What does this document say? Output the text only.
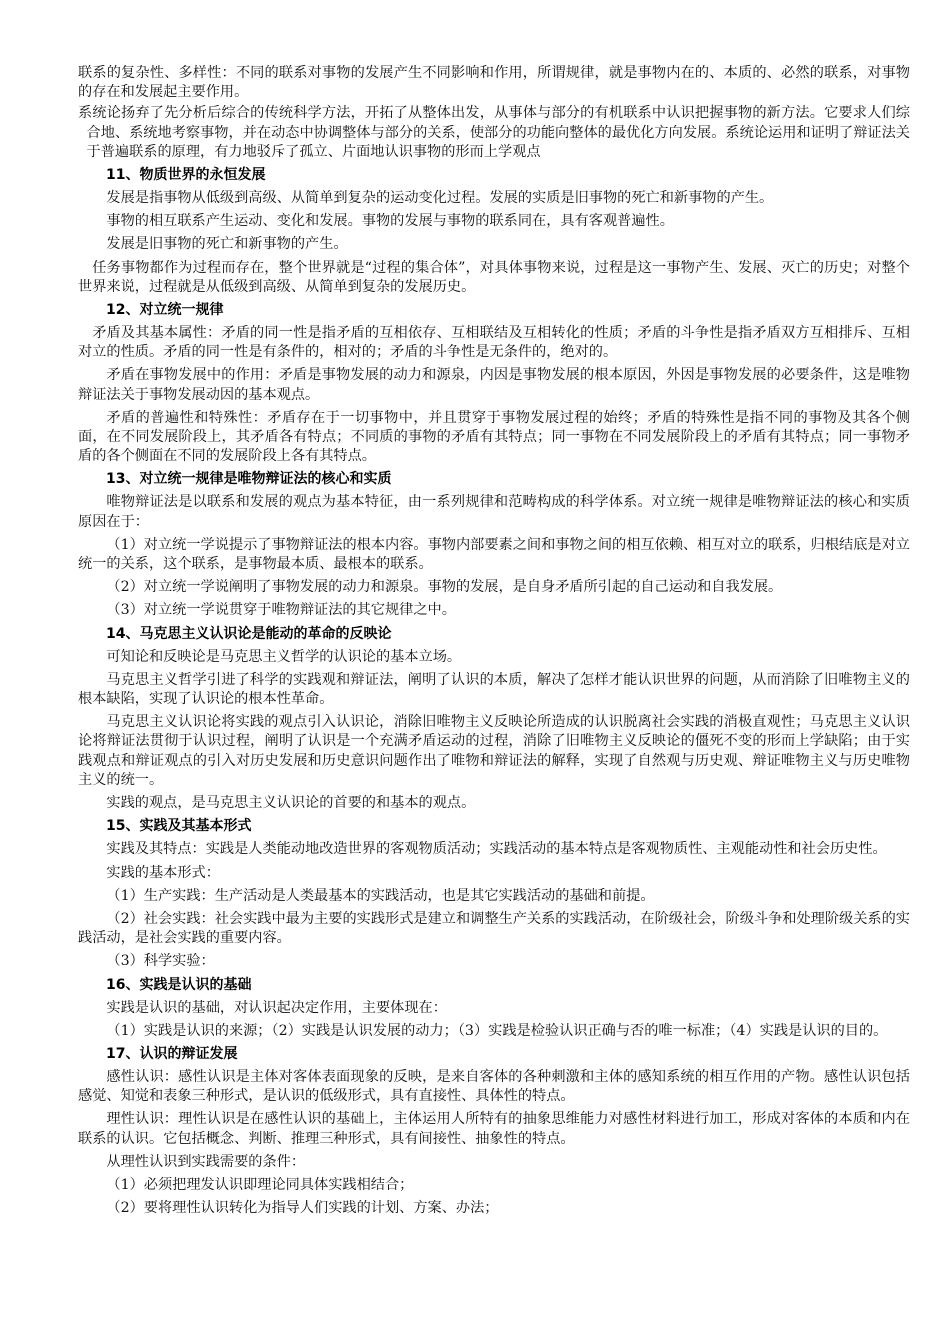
联系的复杂性、多样性：不同的联系对事物的发展产生不同影响和作用，所谓规律，就是事物内在的、本质的、必然的联系，对事物的存在和发展起主要作用。

系统论扬弃了先分析后综合的传统科学方法，开拓了从整体出发，从事体与部分的有机联系中认识把握事物的新方法。它要求人们综合地、系统地考察事物，并在动态中协调整体与部分的关系，使部分的功能向整体的最优化方向发展。系统论运用和证明了辩证法关于普遍联系的原理，有力地驳斥了孤立、片面地认识事物的形而上学观点

11、物质世界的永恒发展

发展是指事物从低级到高级、从简单到复杂的运动变化过程。发展的实质是旧事物的死亡和新事物的产生。

事物的相互联系产生运动、变化和发展。事物的发展与事物的联系同在，具有客观普遍性。

发展是旧事物的死亡和新事物的产生。

任务事物都作为过程而存在，整个世界就是“过程的集合体”，对具体事物来说，过程是这一事物产生、发展、灭亡的历史；对整个世界来说，过程就是从低级到高级、从简单到复杂的发展历史。

12、对立统一规律

矛盾及其基本属性：矛盾的同一性是指矛盾的互相依存、互相联结及互相转化的性质；矛盾的斗争性是指矛盾双方互相排斥、互相对立的性质。矛盾的同一性是有条件的，相对的；矛盾的斗争性是无条件的，绝对的。

矛盾在事物发展中的作用：矛盾是事物发展的动力和源泉，内因是事物发展的根本原因，外因是事物发展的必要条件，这是唯物辩证法关于事物发展动因的基本观点。

矛盾的普遍性和特殊性：矛盾存在于一切事物中，并且贯穿于事物发展过程的始终；矛盾的特殊性是指不同的事物及其各个侧面，在不同发展阶段上，其矛盾各有特点；不同质的事物的矛盾有其特点；同一事物在不同发展阶段上的矛盾有其特点；同一事物矛盾的各个侧面在不同的发展阶段上各有其特点。

13、对立统一规律是唯物辩证法的核心和实质

唯物辩证法是以联系和发展的观点为基本特征，由一系列规律和范畴构成的科学体系。对立统一规律是唯物辩证法的核心和实质原因在于：

（1）对立统一学说提示了事物辩证法的根本内容。事物内部要素之间和事物之间的相互依赖、相互对立的联系，归根结底是对立统一的关系，这个联系，是事物最本质、最根本的联系。

（2）对立统一学说阐明了事物发展的动力和源泉。事物的发展，是自身矛盾所引起的自己运动和自我发展。

（3）对立统一学说贯穿于唯物辩证法的其它规律之中。

14、马克思主义认识论是能动的革命的反映论

可知论和反映论是马克思主义哲学的认识论的基本立场。

马克思主义哲学引进了科学的实践观和辩证法，阐明了认识的本质，解决了怎样才能认识世界的问题，从而消除了旧唯物主义的根本缺陷，实现了认识论的根本性革命。

马克思主义认识论将实践的观点引入认识论，消除旧唯物主义反映论所造成的认识脱离社会实践的消极直观性；马克思主义认识论将辩证法贯彻于认识过程，阐明了认识是一个充满矛盾运动的过程，消除了旧唯物主义反映论的僵死不变的形而上学缺陷；由于实践观点和辩证观点的引入对历史发展和历史意识问题作出了唯物和辩证法的解释，实现了自然观与历史观、辩证唯物主义与历史唯物主义的统一。

实践的观点，是马克思主义认识论的首要的和基本的观点。

15、实践及其基本形式

实践及其特点：实践是人类能动地改造世界的客观物质活动；实践活动的基本特点是客观物质性、主观能动性和社会历史性。

实践的基本形式：

（1）生产实践：生产活动是人类最基本的实践活动，也是其它实践活动的基础和前提。

（2）社会实践：社会实践中最为主要的实践形式是建立和调整生产关系的实践活动，在阶级社会，阶级斗争和处理阶级关系的实践活动，是社会实践的重要内容。

（3）科学实验：

16、实践是认识的基础

实践是认识的基础，对认识起决定作用，主要体现在：

（1）实践是认识的来源；（2）实践是认识发展的动力；（3）实践是检验认识正确与否的唯一标准；（4）实践是认识的目的。

17、认识的辩证发展

感性认识：感性认识是主体对客体表面现象的反映，是来自客体的各种刺激和主体的感知系统的相互作用的产物。感性认识包括感觉、知觉和表象三种形式，是认识的低级形式，具有直接性、具体性的特点。

理性认识：理性认识是在感性认识的基础上，主体运用人所特有的抽象思维能力对感性材料进行加工，形成对客体的本质和内在联系的认识。它包括概念、判断、推理三种形式，具有间接性、抽象性的特点。

从理性认识到实践需要的条件：

（1）必须把理发认识即理论同具体实践相结合；

（2）要将理性认识转化为指导人们实践的计划、方案、办法；
